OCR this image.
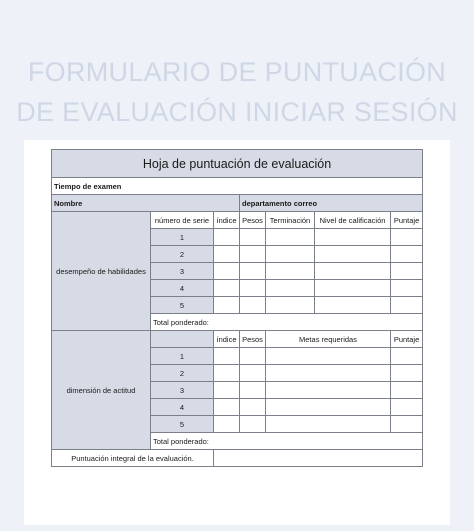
FORMULARIO DE PUNTUACIÓN
DE EVALUACIÓN INICIAR SESIÓN
Hoja de puntuación de evaluación						
Tiempo de examen						
Nombre			departamento correo			
desempeño de habilidades	número de serie	índice	Pesos	Terminación	Nivel de calificación	Puntaje
	1					
	2					
	3					
	4					
	5					
	Total ponderado:					
dimensión de actitud		índice	Pesos	Metas requeridas		Puntaje
	1					
	2					
	3					
	4					
	5					
	Total ponderado:					
Puntuación integral de la evaluación.						
